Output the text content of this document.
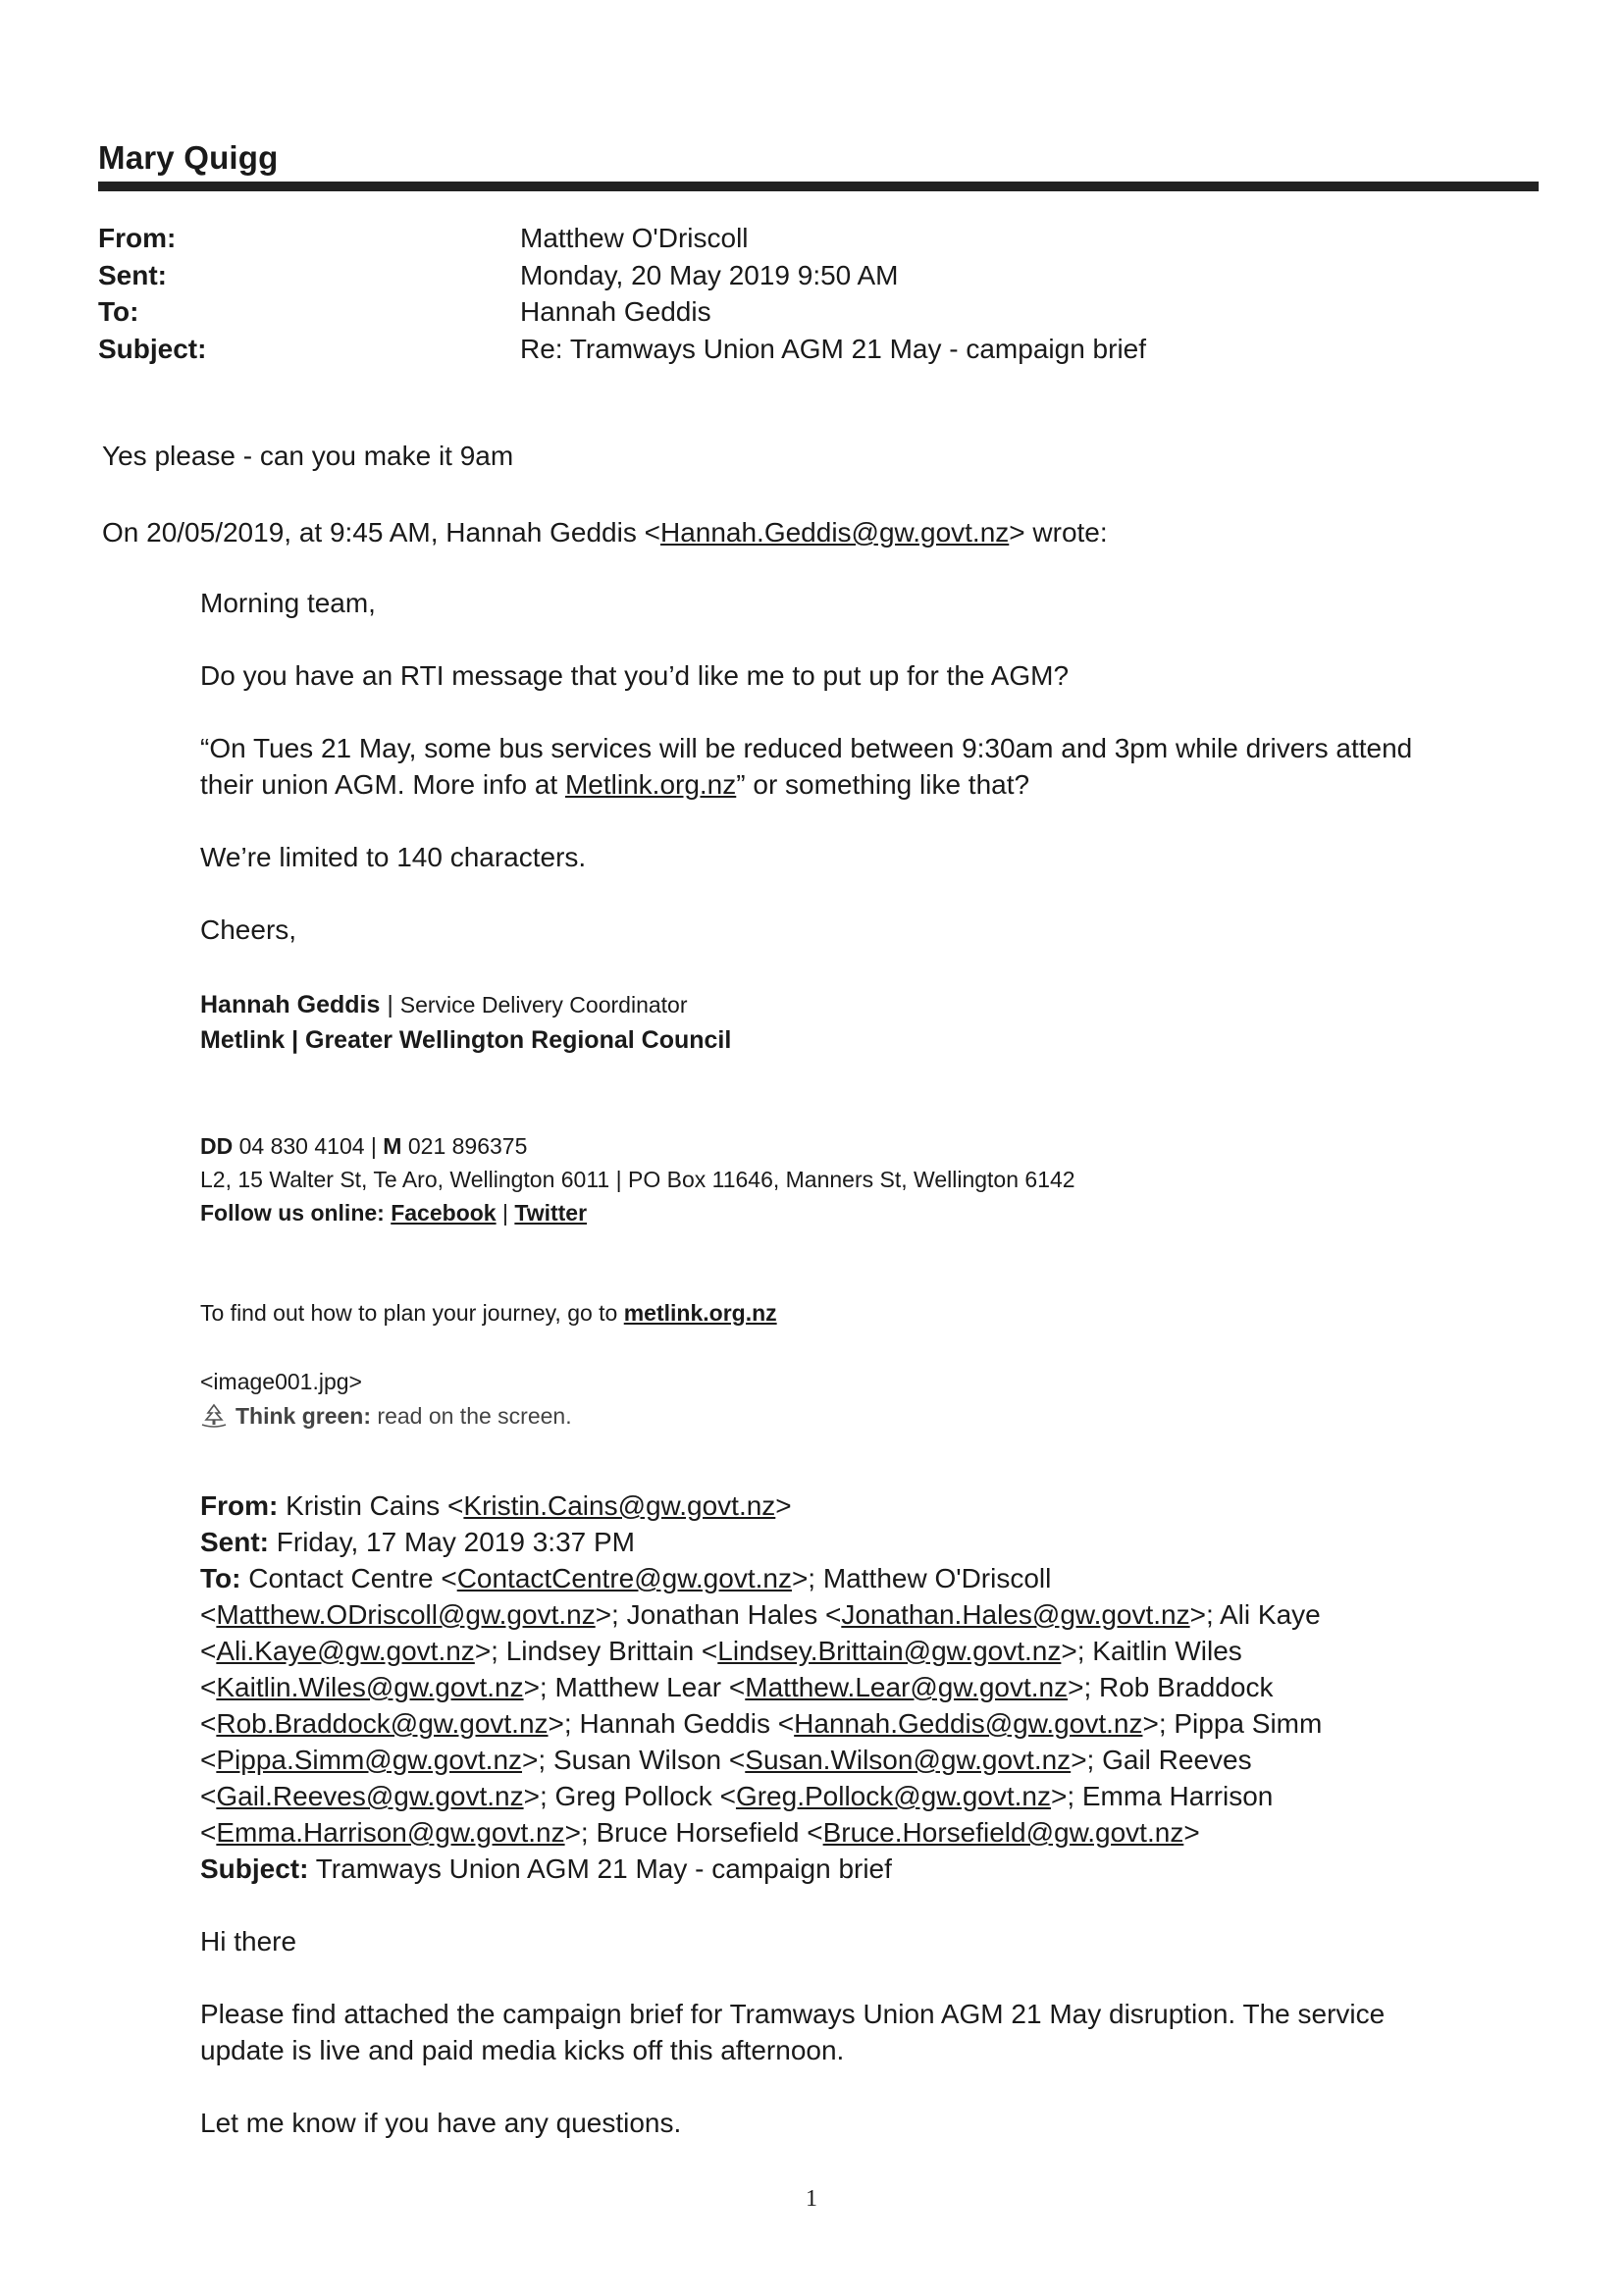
Mary Quigg
From:	Matthew O'Driscoll
Sent:	Monday, 20 May 2019 9:50 AM
To:	Hannah Geddis
Subject:	Re: Tramways Union AGM 21 May - campaign brief
Yes please - can you make it 9am
On 20/05/2019, at 9:45 AM, Hannah Geddis <Hannah.Geddis@gw.govt.nz> wrote:
Morning team,
Do you have an RTI message that you’d like me to put up for the AGM?
“On Tues 21 May, some bus services will be reduced between 9:30am and 3pm while drivers attend
their union AGM. More info at Metlink.org.nz” or something like that?
We’re limited to 140 characters.
Cheers,
Hannah Geddis | Service Delivery Coordinator
Metlink | Greater Wellington Regional Council
DD 04 830 4104 | M 021 896375
L2, 15 Walter St, Te Aro, Wellington 6011 | PO Box 11646, Manners St, Wellington 6142
Follow us online: Facebook | Twitter
To find out how to plan your journey, go to metlink.org.nz
<image001.jpg>
Think green: read on the screen.
From: Kristin Cains <Kristin.Cains@gw.govt.nz>
Sent: Friday, 17 May 2019 3:37 PM
To: Contact Centre <ContactCentre@gw.govt.nz>; Matthew O'Driscoll
<Matthew.ODriscoll@gw.govt.nz>; Jonathan Hales <Jonathan.Hales@gw.govt.nz>; Ali Kaye
<Ali.Kaye@gw.govt.nz>; Lindsey Brittain <Lindsey.Brittain@gw.govt.nz>; Kaitlin Wiles
<Kaitlin.Wiles@gw.govt.nz>; Matthew Lear <Matthew.Lear@gw.govt.nz>; Rob Braddock
<Rob.Braddock@gw.govt.nz>; Hannah Geddis <Hannah.Geddis@gw.govt.nz>; Pippa Simm
<Pippa.Simm@gw.govt.nz>; Susan Wilson <Susan.Wilson@gw.govt.nz>; Gail Reeves
<Gail.Reeves@gw.govt.nz>; Greg Pollock <Greg.Pollock@gw.govt.nz>; Emma Harrison
<Emma.Harrison@gw.govt.nz>; Bruce Horsefield <Bruce.Horsefield@gw.govt.nz>
Subject: Tramways Union AGM 21 May - campaign brief
Hi there
Please find attached the campaign brief for Tramways Union AGM 21 May disruption. The service
update is live and paid media kicks off this afternoon.
Let me know if you have any questions.
1
